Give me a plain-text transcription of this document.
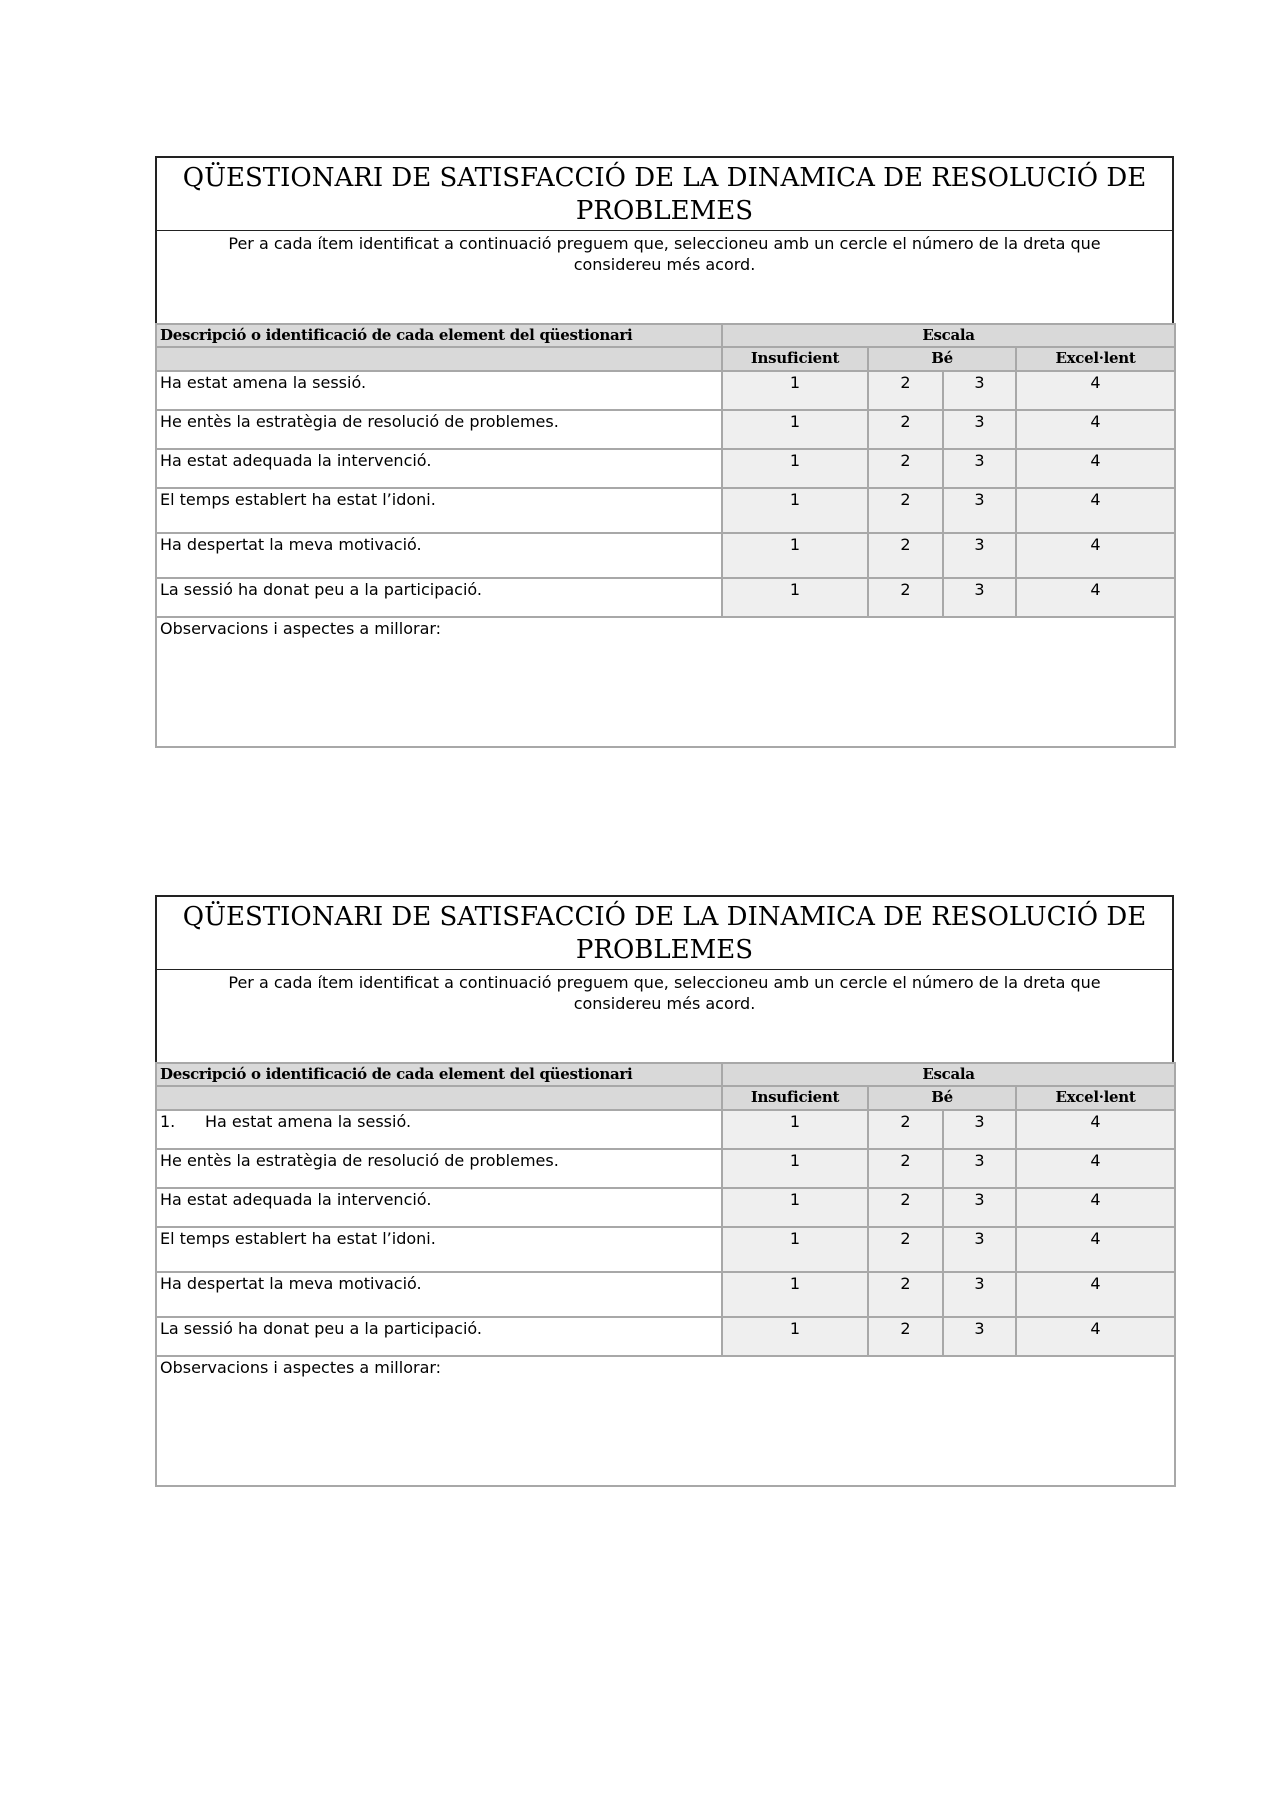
QÜESTIONARI DE SATISFACCIÓ DE LA DINAMICA DE RESOLUCIÓ DE PROBLEMES
Per a cada ítem identificat a continuació preguem que, seleccioneu amb un cercle el número de la dreta que considereu més acord.
Descripció o identificació de cada element del qüestionari	Escala			
	Insuficient	Bé		Excel·lent
Ha estat amena la sessió.	1	2	3	4
He entès la estratègia de resolució de problemes.	1	2	3	4
Ha estat adequada la intervenció.	1	2	3	4
El temps establert ha estat l’idoni.	1	2	3	4
Ha despertat la meva motivació.	1	2	3	4
La sessió ha donat peu a la participació.	1	2	3	4
Observacions i aspectes a millorar:				
QÜESTIONARI DE SATISFACCIÓ DE LA DINAMICA DE RESOLUCIÓ DE PROBLEMES
Per a cada ítem identificat a continuació preguem que, seleccioneu amb un cercle el número de la dreta que considereu més acord.
Descripció o identificació de cada element del qüestionari	Escala			
	Insuficient	Bé		Excel·lent
1. Ha estat amena la sessió.	1	2	3	4
He entès la estratègia de resolució de problemes.	1	2	3	4
Ha estat adequada la intervenció.	1	2	3	4
El temps establert ha estat l’idoni.	1	2	3	4
Ha despertat la meva motivació.	1	2	3	4
La sessió ha donat peu a la participació.	1	2	3	4
Observacions i aspectes a millorar:				
